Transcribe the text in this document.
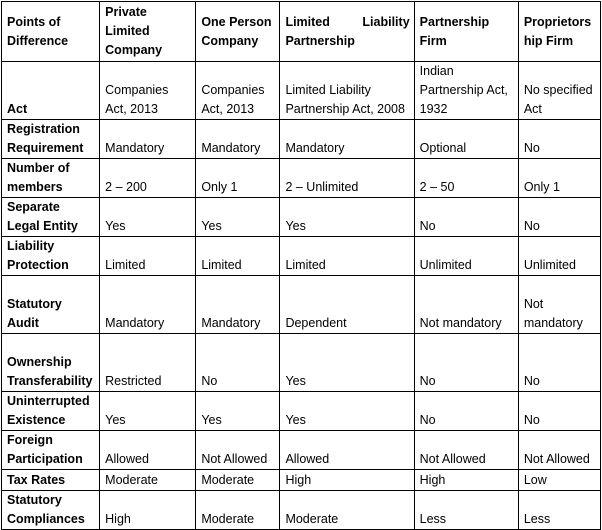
Points of Difference	Private Limited Company	One Person Company	Limited Liability Partnership	Partnership Firm	Proprietorship Firm
Act	Companies Act, 2013	Companies Act, 2013	Limited Liability Partnership Act, 2008	Indian Partnership Act, 1932	No specified Act
Registration Requirement	Mandatory	Mandatory	Mandatory	Optional	No
Number of members	2 – 200	Only 1	2 – Unlimited	2 – 50	Only 1
Separate Legal Entity	Yes	Yes	Yes	No	No
Liability Protection	Limited	Limited	Limited	Unlimited	Unlimited
Statutory Audit	Mandatory	Mandatory	Dependent	Not mandatory	Not mandatory
Ownership Transferability	Restricted	No	Yes	No	No
Uninterrupted Existence	Yes	Yes	Yes	No	No
Foreign Participation	Allowed	Not Allowed	Allowed	Not Allowed	Not Allowed
Tax Rates	Moderate	Moderate	High	High	Low
Statutory Compliances	High	Moderate	Moderate	Less	Less
